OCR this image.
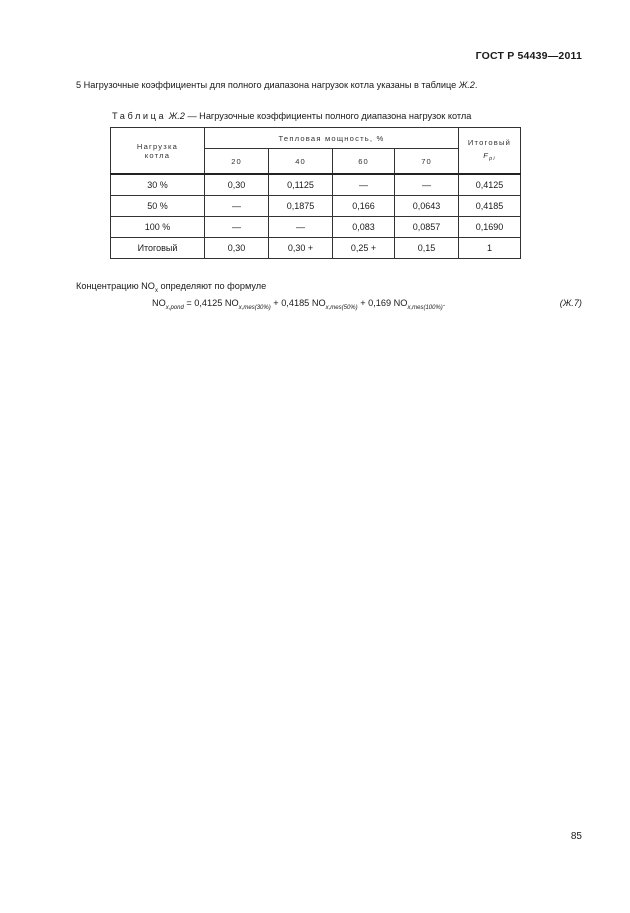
ГОСТ Р 54439—2011
5 Нагрузочные коэффициенты для полного диапазона нагрузок котла указаны в таблице Ж.2.
Таблица Ж.2 — Нагрузочные коэффициенты полного диапазона нагрузок котла
Нагрузка котла	Тепловая мощность, %				Итоговый
$F_{pi}$

	20	40	60	70	
30 %	0,30	0,1125	—	—	0,4125
50 %	—	0,1875	0,166	0,0643	0,4185
100 %	—	—	0,083	0,0857	0,1690
Итоговый	0,30	0,30 +	0,25 +	0,15	1
Концентрацию $NO_x$ определяют по формуле
$NO_{x,pond} = 0,4125$ $NO_{x,mes(30\%)} + 0,4185$ $NO_{x,mes(50\%)} + 0,169$ $NO_{x,mes(100\%)}$.	(Ж.7)
85
